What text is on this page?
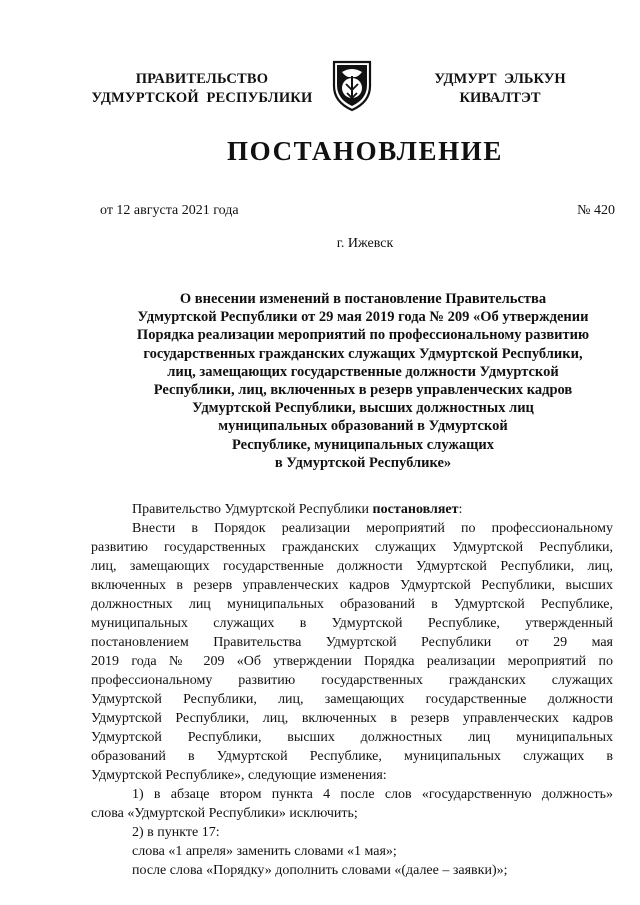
ПРАВИТЕЛЬСТВО
УДМУРТСКОЙ  РЕСПУБЛИКИ
УДМУРТ ЭЛЬКУН
КИВАЛТЭТ
ПОСТАНОВЛЕНИЕ
от 12 августа 2021 года	№ 420
г. Ижевск
О внесении изменений в постановление Правительства
Удмуртской Республики от 29 мая 2019 года № 209 «Об утверждении
Порядка реализации мероприятий по профессиональному развитию
государственных гражданских служащих Удмуртской Республики,
лиц, замещающих государственные должности Удмуртской
Республики, лиц, включенных в резерв управленческих кадров
Удмуртской Республики, высших должностных лиц
муниципальных образований в Удмуртской
Республике, муниципальных служащих
в Удмуртской Республике»
Правительство Удмуртской Республики постановляет:
Внести в Порядок реализации мероприятий по профессиональному
развитию государственных гражданских служащих Удмуртской Республики,
лиц, замещающих государственные должности Удмуртской Республики, лиц,
включенных в резерв управленческих кадров Удмуртской Республики, высших
должностных лиц муниципальных образований в Удмуртской Республике,
муниципальных служащих в Удмуртской Республике, утвержденный
постановлением Правительства Удмуртской Республики от 29 мая
2019 года № 209 «Об утверждении Порядка реализации мероприятий по
профессиональному развитию государственных гражданских служащих
Удмуртской Республики, лиц, замещающих государственные должности
Удмуртской Республики, лиц, включенных в резерв управленческих кадров
Удмуртской Республики, высших должностных лиц муниципальных
образований в Удмуртской Республике, муниципальных служащих в
Удмуртской Республике», следующие изменения:
1) в абзаце втором пункта 4 после слов «государственную должность»
слова «Удмуртской Республики» исключить;
2) в пункте 17:
слова «1 апреля» заменить словами «1 мая»;
после слова «Порядку» дополнить словами «(далее – заявки)»;
